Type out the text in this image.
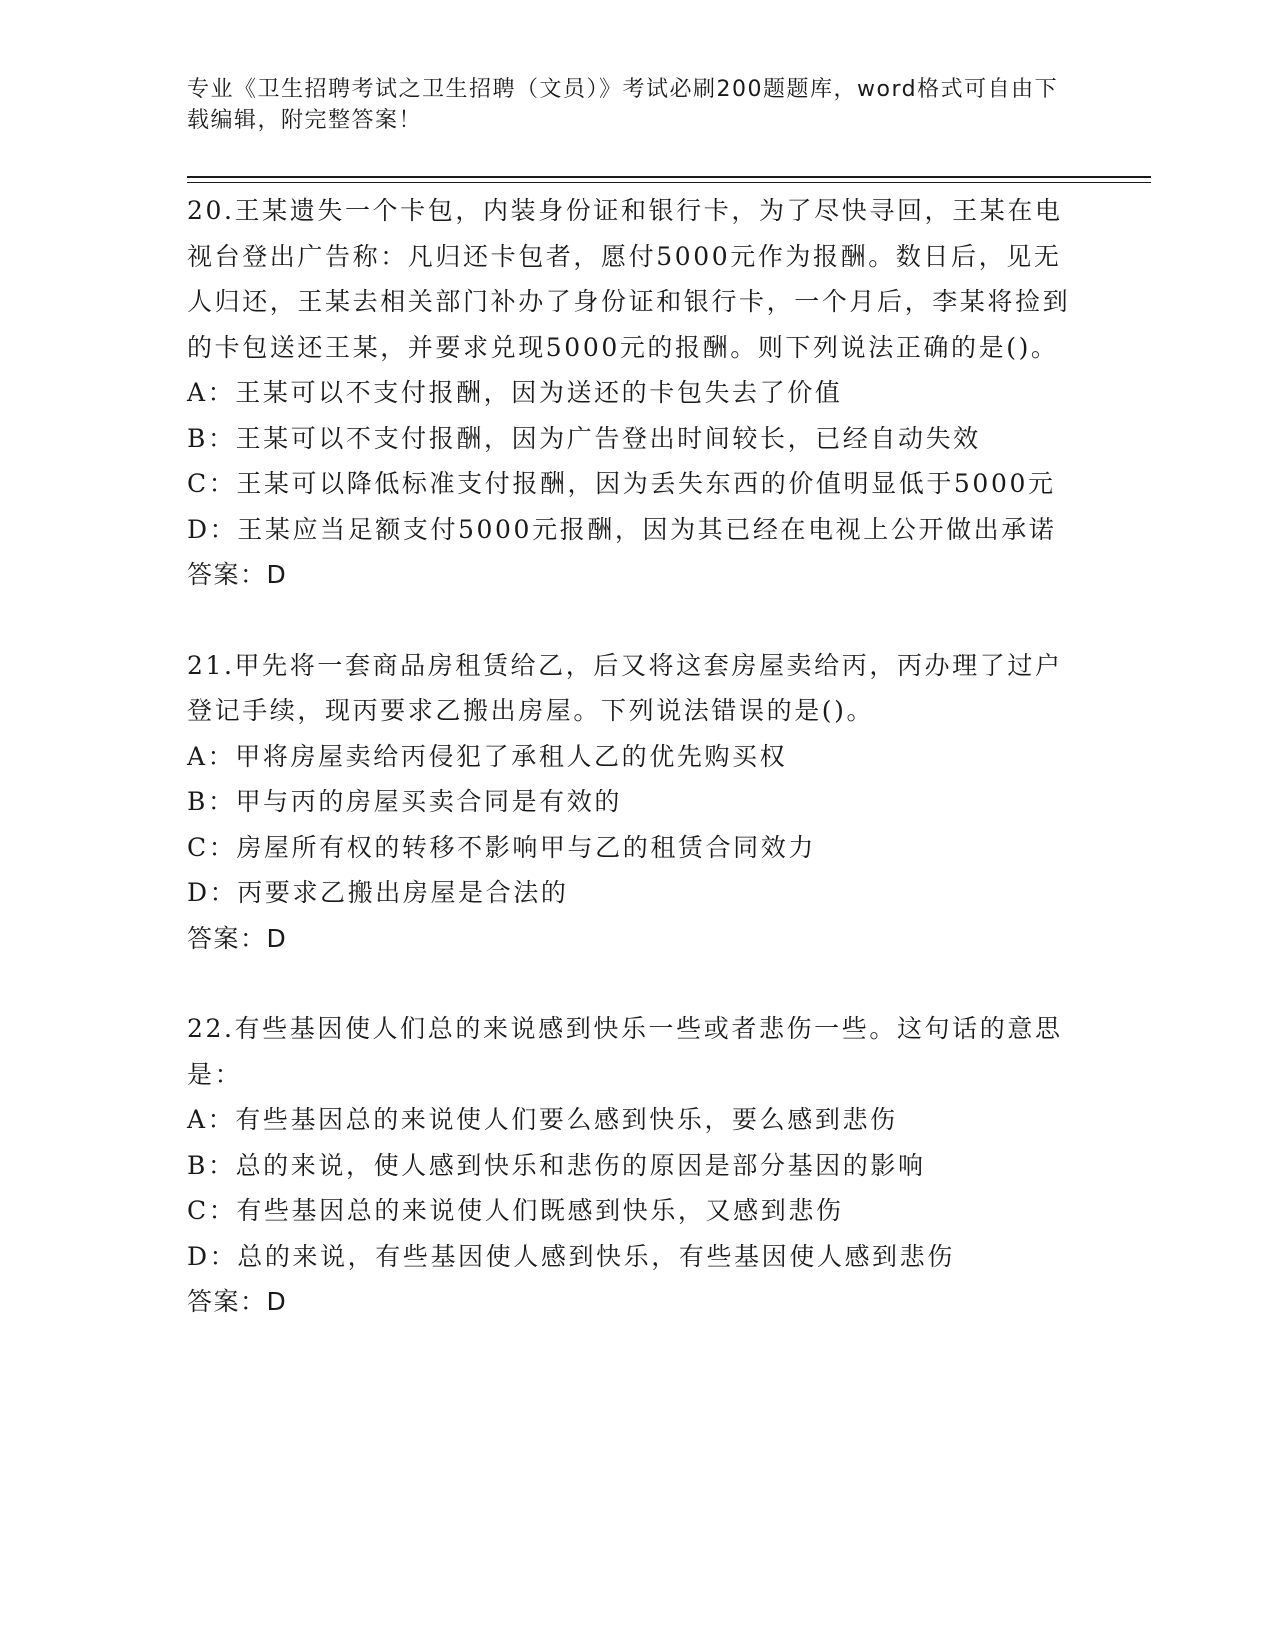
专业《卫生招聘考试之卫生招聘（文员）》考试必刷200题题库，word格式可自由下载编辑，附完整答案！

20.王某遗失一个卡包，内装身份证和银行卡，为了尽快寻回，王某在电视台登出广告称：凡归还卡包者，愿付5000元作为报酬。数日后，见无人归还，王某去相关部门补办了身份证和银行卡，一个月后，李某将捡到的卡包送还王某，并要求兑现5000元的报酬。则下列说法正确的是()。

A：王某可以不支付报酬，因为送还的卡包失去了价值

B：王某可以不支付报酬，因为广告登出时间较长，已经自动失效

C：王某可以降低标准支付报酬，因为丢失东西的价值明显低于5000元

D：王某应当足额支付5000元报酬，因为其已经在电视上公开做出承诺

答案：D

21.甲先将一套商品房租赁给乙，后又将这套房屋卖给丙，丙办理了过户登记手续，现丙要求乙搬出房屋。下列说法错误的是()。

A：甲将房屋卖给丙侵犯了承租人乙的优先购买权

B：甲与丙的房屋买卖合同是有效的

C：房屋所有权的转移不影响甲与乙的租赁合同效力

D：丙要求乙搬出房屋是合法的

答案：D

22.有些基因使人们总的来说感到快乐一些或者悲伤一些。这句话的意思是：

A：有些基因总的来说使人们要么感到快乐，要么感到悲伤

B：总的来说，使人感到快乐和悲伤的原因是部分基因的影响

C：有些基因总的来说使人们既感到快乐，又感到悲伤

D：总的来说，有些基因使人感到快乐，有些基因使人感到悲伤

答案：D
